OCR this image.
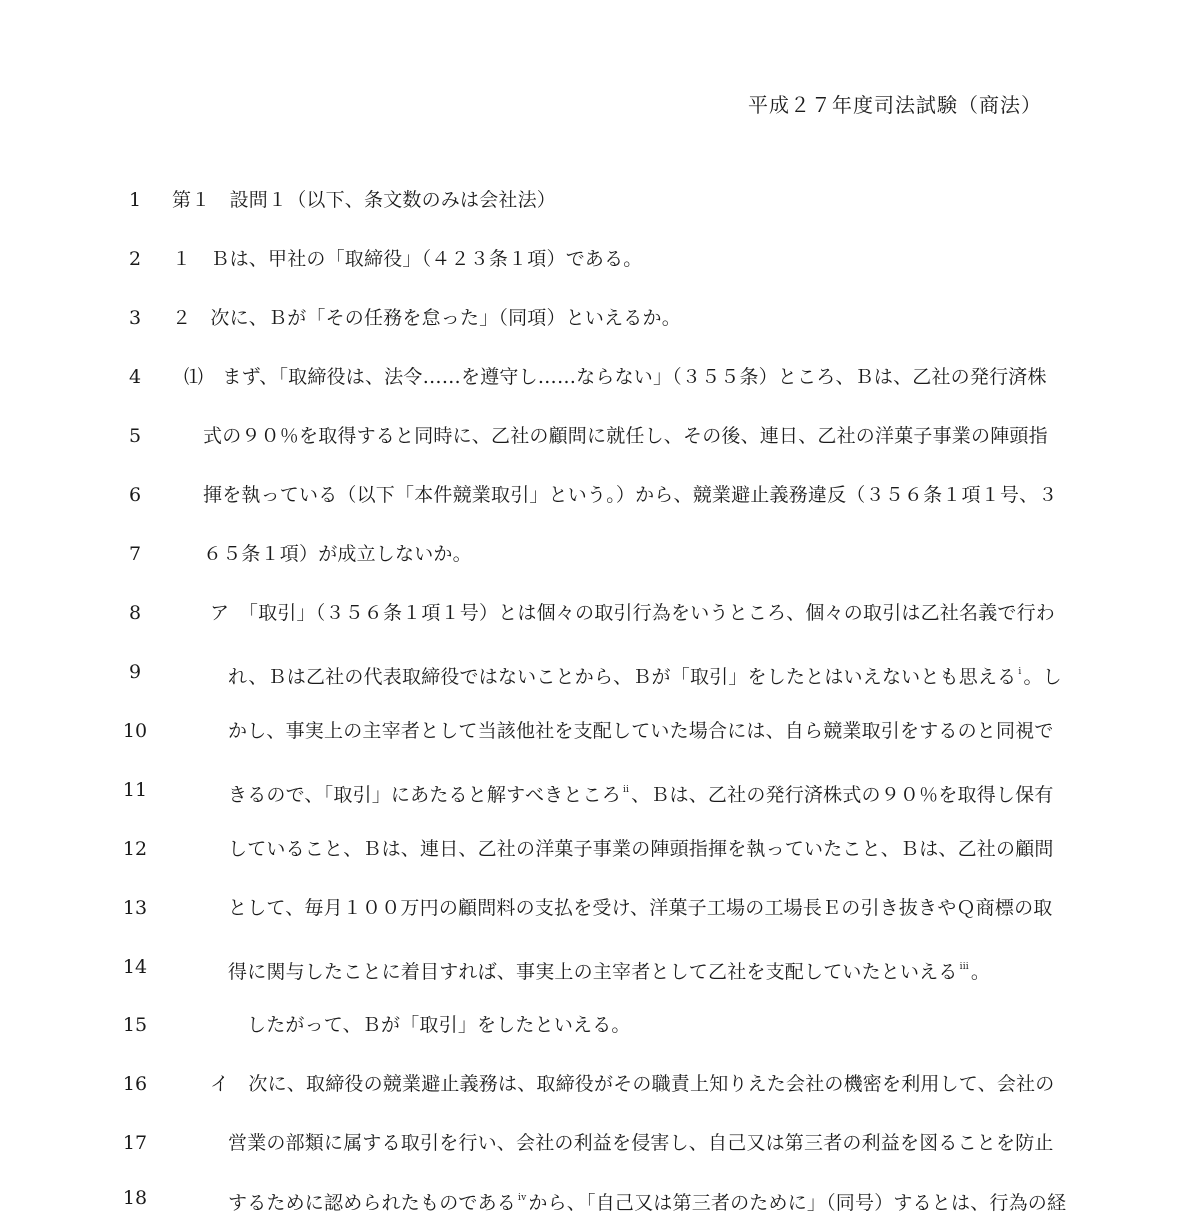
平成２７年度司法試験（商法）
1	第１　設問１（以下、条文数のみは会社法）
2	１　Ｂは、甲社の「取締役」（４２３条１項）である。
3	２　次に、Ｂが「その任務を怠った」（同項）といえるか。
4	⑴　まず、「取締役は、法令……を遵守し……ならない」（３５５条）ところ、Ｂは、乙社の発行済株
5	式の９０％を取得すると同時に、乙社の顧問に就任し、その後、連日、乙社の洋菓子事業の陣頭指
6	揮を執っている（以下「本件競業取引」という。）から、競業避止義務違反（３５６条１項１号、３
7	６５条１項）が成立しないか。
8	ア　「取引」（３５６条１項１号）とは個々の取引行為をいうところ、個々の取引は乙社名義で行わ
9	れ、Ｂは乙社の代表取締役ではないことから、Ｂが「取引」をしたとはいえないとも思える $^i$ 。し
10	かし、事実上の主宰者として当該他社を支配していた場合には、自ら競業取引をするのと同視で
11	きるので、「取引」にあたると解すべきところ $^{ii}$ 、Ｂは、乙社の発行済株式の９０％を取得し保有
12	していること、Ｂは、連日、乙社の洋菓子事業の陣頭指揮を執っていたこと、Ｂは、乙社の顧問
13	として、毎月１００万円の顧問料の支払を受け、洋菓子工場の工場長Ｅの引き抜きやＱ商標の取
14	得に関与したことに着目すれば、事実上の主宰者として乙社を支配していたといえる $^{iii}$ 。
15	したがって、Ｂが「取引」をしたといえる。
16	イ　次に、取締役の競業避止義務は、取締役がその職責上知りえた会社の機密を利用して、会社の
17	営業の部類に属する取引を行い、会社の利益を侵害し、自己又は第三者の利益を図ることを防止
18	するために認められたものである $^{iv}$ から、「自己又は第三者のために」（同号）するとは、行為の経
